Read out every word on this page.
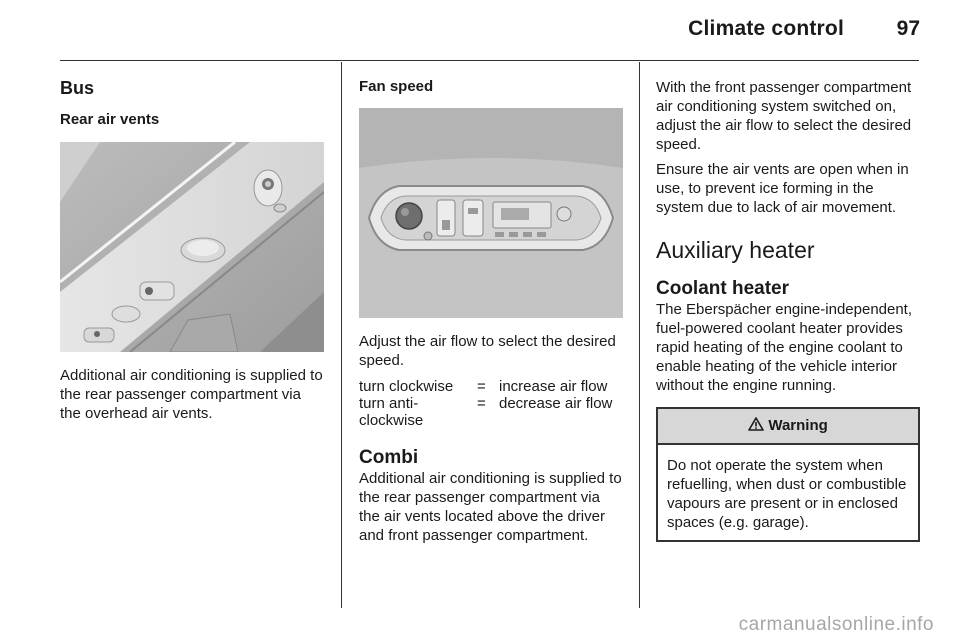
Climate control	97
Bus
Rear air vents

Additional air conditioning is supplied to the rear passenger compartment via the overhead air vents.

Fan speed

Adjust the air flow to select the desired speed.

turn clockwise	=	increase air flow
turn anti-clockwise	=	decrease air flow
Combi

Additional air conditioning is supplied to the rear passenger compartment via the air vents located above the driver and front passenger compartment.

With the front passenger compartment air conditioning system switched on, adjust the air flow to select the desired speed.

Ensure the air vents are open when in use, to prevent ice forming in the system due to lack of air movement.

Auxiliary heater
Coolant heater

The Eberspächer engine-independent, fuel-powered coolant heater provides rapid heating of the engine coolant to enable heating of the vehicle interior without the engine running.

Warning

Do not operate the system when refuelling, when dust or combustible vapours are present or in enclosed spaces (e.g. garage).

carmanualsonline.info
